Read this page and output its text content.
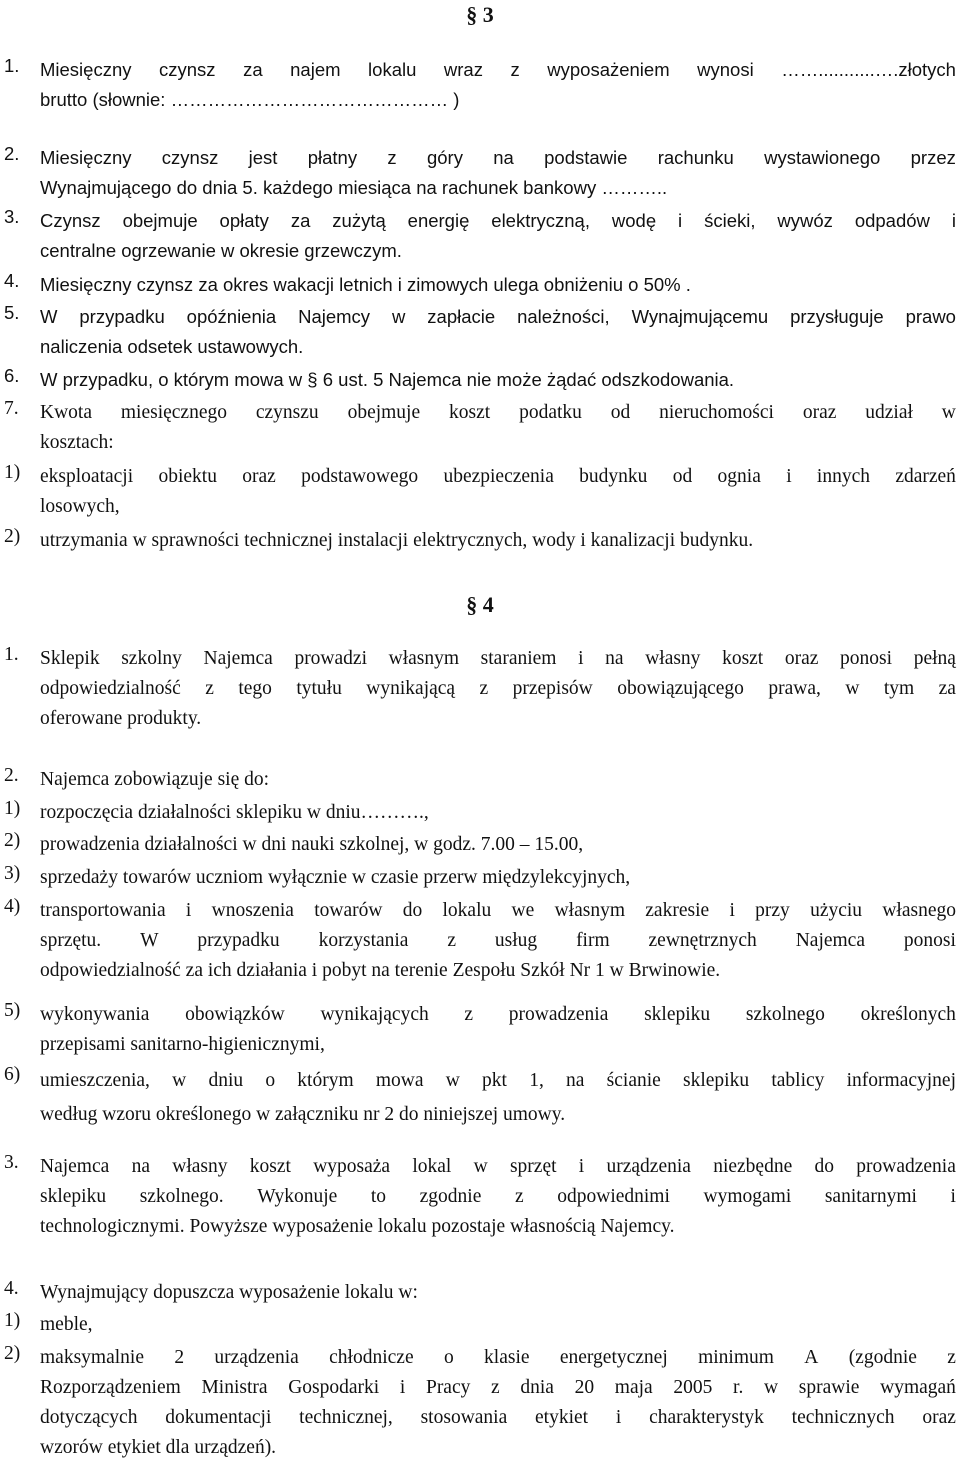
§ 3
1. Miesięczny czynsz za najem lokalu wraz z wyposażeniem wynosi ……...........….złotych
brutto (słownie: ……………………………………… )
2. Miesięczny czynsz jest płatny z góry na podstawie rachunku wystawionego przez
Wynajmującego do dnia 5. każdego miesiąca na rachunek bankowy ………..
3. Czynsz obejmuje opłaty za zużytą energię elektryczną, wodę i ścieki, wywóz odpadów i
centralne ogrzewanie w okresie grzewczym.
4. Miesięczny czynsz za okres wakacji letnich i zimowych ulega obniżeniu o 50% .
5. W przypadku opóźnienia Najemcy w zapłacie należności, Wynajmującemu przysługuje prawo
naliczenia odsetek ustawowych.
6. W przypadku, o którym mowa w § 6 ust. 5 Najemca nie może żądać odszkodowania.
7. Kwota miesięcznego czynszu obejmuje koszt podatku od nieruchomości oraz udział w
kosztach:
1) eksploatacji obiektu oraz podstawowego ubezpieczenia budynku od ognia i innych zdarzeń
losowych,
2) utrzymania w sprawności technicznej instalacji elektrycznych, wody i kanalizacji budynku.
§ 4
1. Sklepik szkolny Najemca prowadzi własnym staraniem i na własny koszt oraz ponosi pełną
odpowiedzialność z tego tytułu wynikającą z przepisów obowiązującego prawa, w tym za
oferowane produkty.
2. Najemca zobowiązuje się do:
1) rozpoczęcia działalności sklepiku w dniu……….,
2) prowadzenia działalności w dni nauki szkolnej, w godz. 7.00 – 15.00,
3) sprzedaży towarów uczniom wyłącznie w czasie przerw międzylekcyjnych,
4) transportowania i wnoszenia towarów do lokalu we własnym zakresie i przy użyciu własnego
sprzętu. W przypadku korzystania z usług firm zewnętrznych Najemca ponosi
odpowiedzialność za ich działania i pobyt na terenie Zespołu Szkół Nr 1 w Brwinowie.
5) wykonywania obowiązków wynikających z prowadzenia sklepiku szkolnego określonych
przepisami sanitarno-higienicznymi,
6) umieszczenia, w dniu o którym mowa w pkt 1, na ścianie sklepiku tablicy informacyjnej
według wzoru określonego w załączniku nr 2 do niniejszej umowy.
3. Najemca na własny koszt wyposaża lokal w sprzęt i urządzenia niezbędne do prowadzenia
sklepiku szkolnego. Wykonuje to zgodnie z odpowiednimi wymogami sanitarnymi i
technologicznymi. Powyższe wyposażenie lokalu pozostaje własnością Najemcy.
4. Wynajmujący dopuszcza wyposażenie lokalu w:
1) meble,
2) maksymalnie 2 urządzenia chłodnicze o klasie energetycznej minimum A (zgodnie z
Rozporządzeniem Ministra Gospodarki i Pracy z dnia 20 maja 2005 r. w sprawie wymagań
dotyczących dokumentacji technicznej, stosowania etykiet i charakterystyk technicznych oraz
wzorów etykiet dla urządzeń).
